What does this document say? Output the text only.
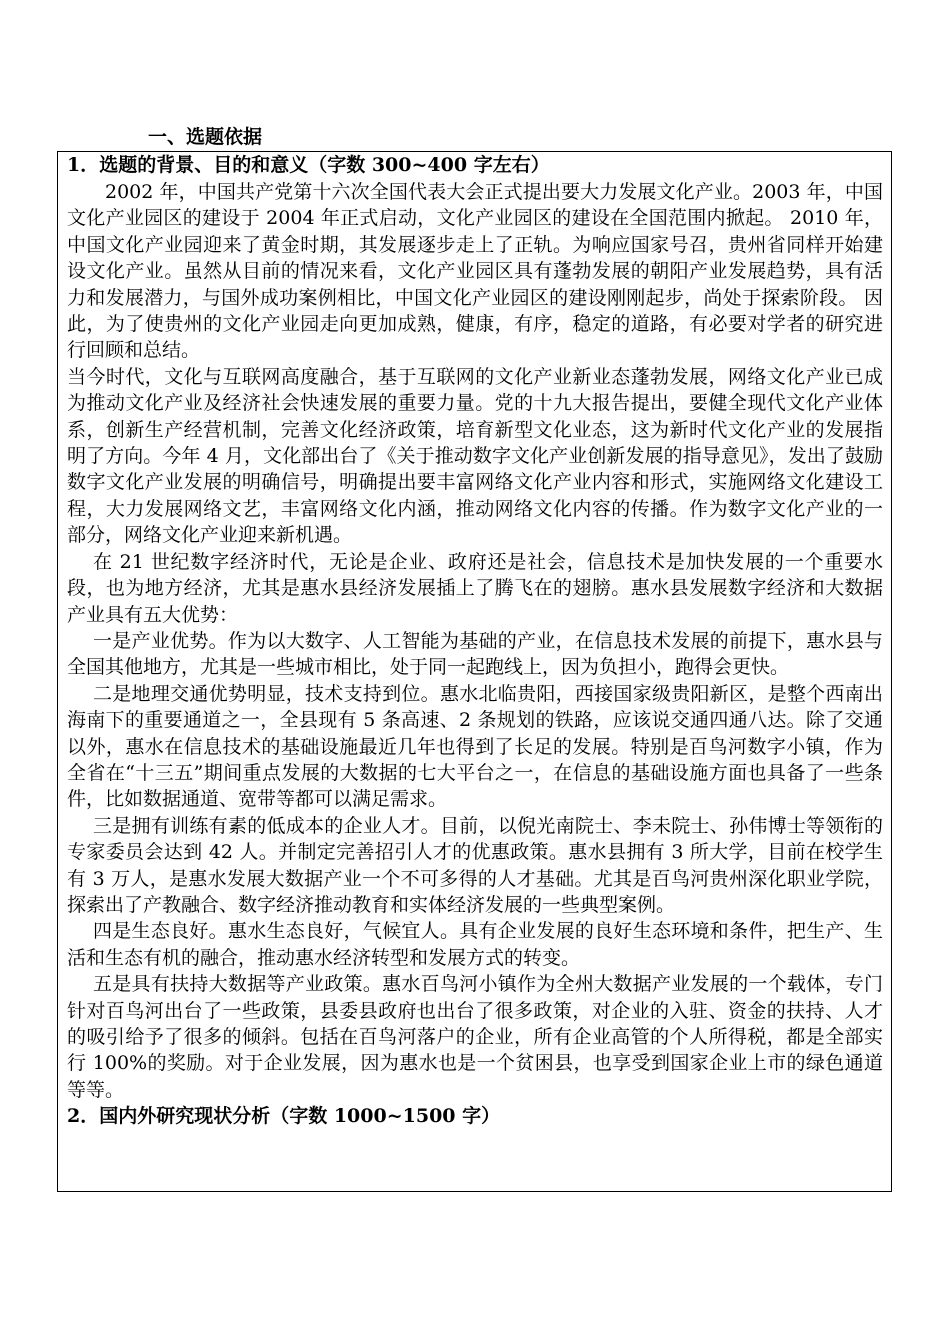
一、选题依据

1．选题的背景、目的和意义（字数 300~400 字左右）

2002 年，中国共产党第十六次全国代表大会正式提出要大力发展文化产业。2003 年，中国文化产业园区的建设于 2004 年正式启动，文化产业园区的建设在全国范围内掀起。 2010 年，中国文化产业园迎来了黄金时期，其发展逐步走上了正轨。为响应国家号召，贵州省同样开始建设文化产业。虽然从目前的情况来看，文化产业园区具有蓬勃发展的朝阳产业发展趋势，具有活力和发展潜力，与国外成功案例相比，中国文化产业园区的建设刚刚起步，尚处于探索阶段。 因此，为了使贵州的文化产业园走向更加成熟，健康，有序，稳定的道路，有必要对学者的研究进行回顾和总结。

当今时代，文化与互联网高度融合，基于互联网的文化产业新业态蓬勃发展，网络文化产业已成为推动文化产业及经济社会快速发展的重要力量。党的十九大报告提出，要健全现代文化产业体系，创新生产经营机制，完善文化经济政策，培育新型文化业态，这为新时代文化产业的发展指明了方向。今年 4 月，文化部出台了《关于推动数字文化产业创新发展的指导意见》，发出了鼓励数字文化产业发展的明确信号，明确提出要丰富网络文化产业内容和形式，实施网络文化建设工程，大力发展网络文艺，丰富网络文化内涵，推动网络文化内容的传播。作为数字文化产业的一部分，网络文化产业迎来新机遇。

在 21 世纪数字经济时代，无论是企业、政府还是社会，信息技术是加快发展的一个重要水段，也为地方经济，尤其是惠水县经济发展插上了腾飞在的翅膀。惠水县发展数字经济和大数据产业具有五大优势：

一是产业优势。作为以大数字、人工智能为基础的产业，在信息技术发展的前提下，惠水县与全国其他地方，尤其是一些城市相比，处于同一起跑线上，因为负担小，跑得会更快。

二是地理交通优势明显，技术支持到位。惠水北临贵阳，西接国家级贵阳新区，是整个西南出海南下的重要通道之一，全县现有 5 条高速、2 条规划的铁路，应该说交通四通八达。除了交通以外，惠水在信息技术的基础设施最近几年也得到了长足的发展。特别是百鸟河数字小镇，作为全省在“十三五”期间重点发展的大数据的七大平台之一，在信息的基础设施方面也具备了一些条件，比如数据通道、宽带等都可以满足需求。

三是拥有训练有素的低成本的企业人才。目前，以倪光南院士、李未院士、孙伟博士等领衔的专家委员会达到 42 人。并制定完善招引人才的优惠政策。惠水县拥有 3 所大学，目前在校学生有 3 万人，是惠水发展大数据产业一个不可多得的人才基础。尤其是百鸟河贵州深化职业学院，探索出了产教融合、数字经济推动教育和实体经济发展的一些典型案例。

四是生态良好。惠水生态良好，气候宜人。具有企业发展的良好生态环境和条件，把生产、生活和生态有机的融合，推动惠水经济转型和发展方式的转变。

五是具有扶持大数据等产业政策。惠水百鸟河小镇作为全州大数据产业发展的一个载体，专门针对百鸟河出台了一些政策，县委县政府也出台了很多政策，对企业的入驻、资金的扶持、人才的吸引给予了很多的倾斜。包括在百鸟河落户的企业，所有企业高管的个人所得税，都是全部实行 100%的奖励。对于企业发展，因为惠水也是一个贫困县，也享受到国家企业上市的绿色通道等等。

2．国内外研究现状分析（字数 1000~1500 字）
